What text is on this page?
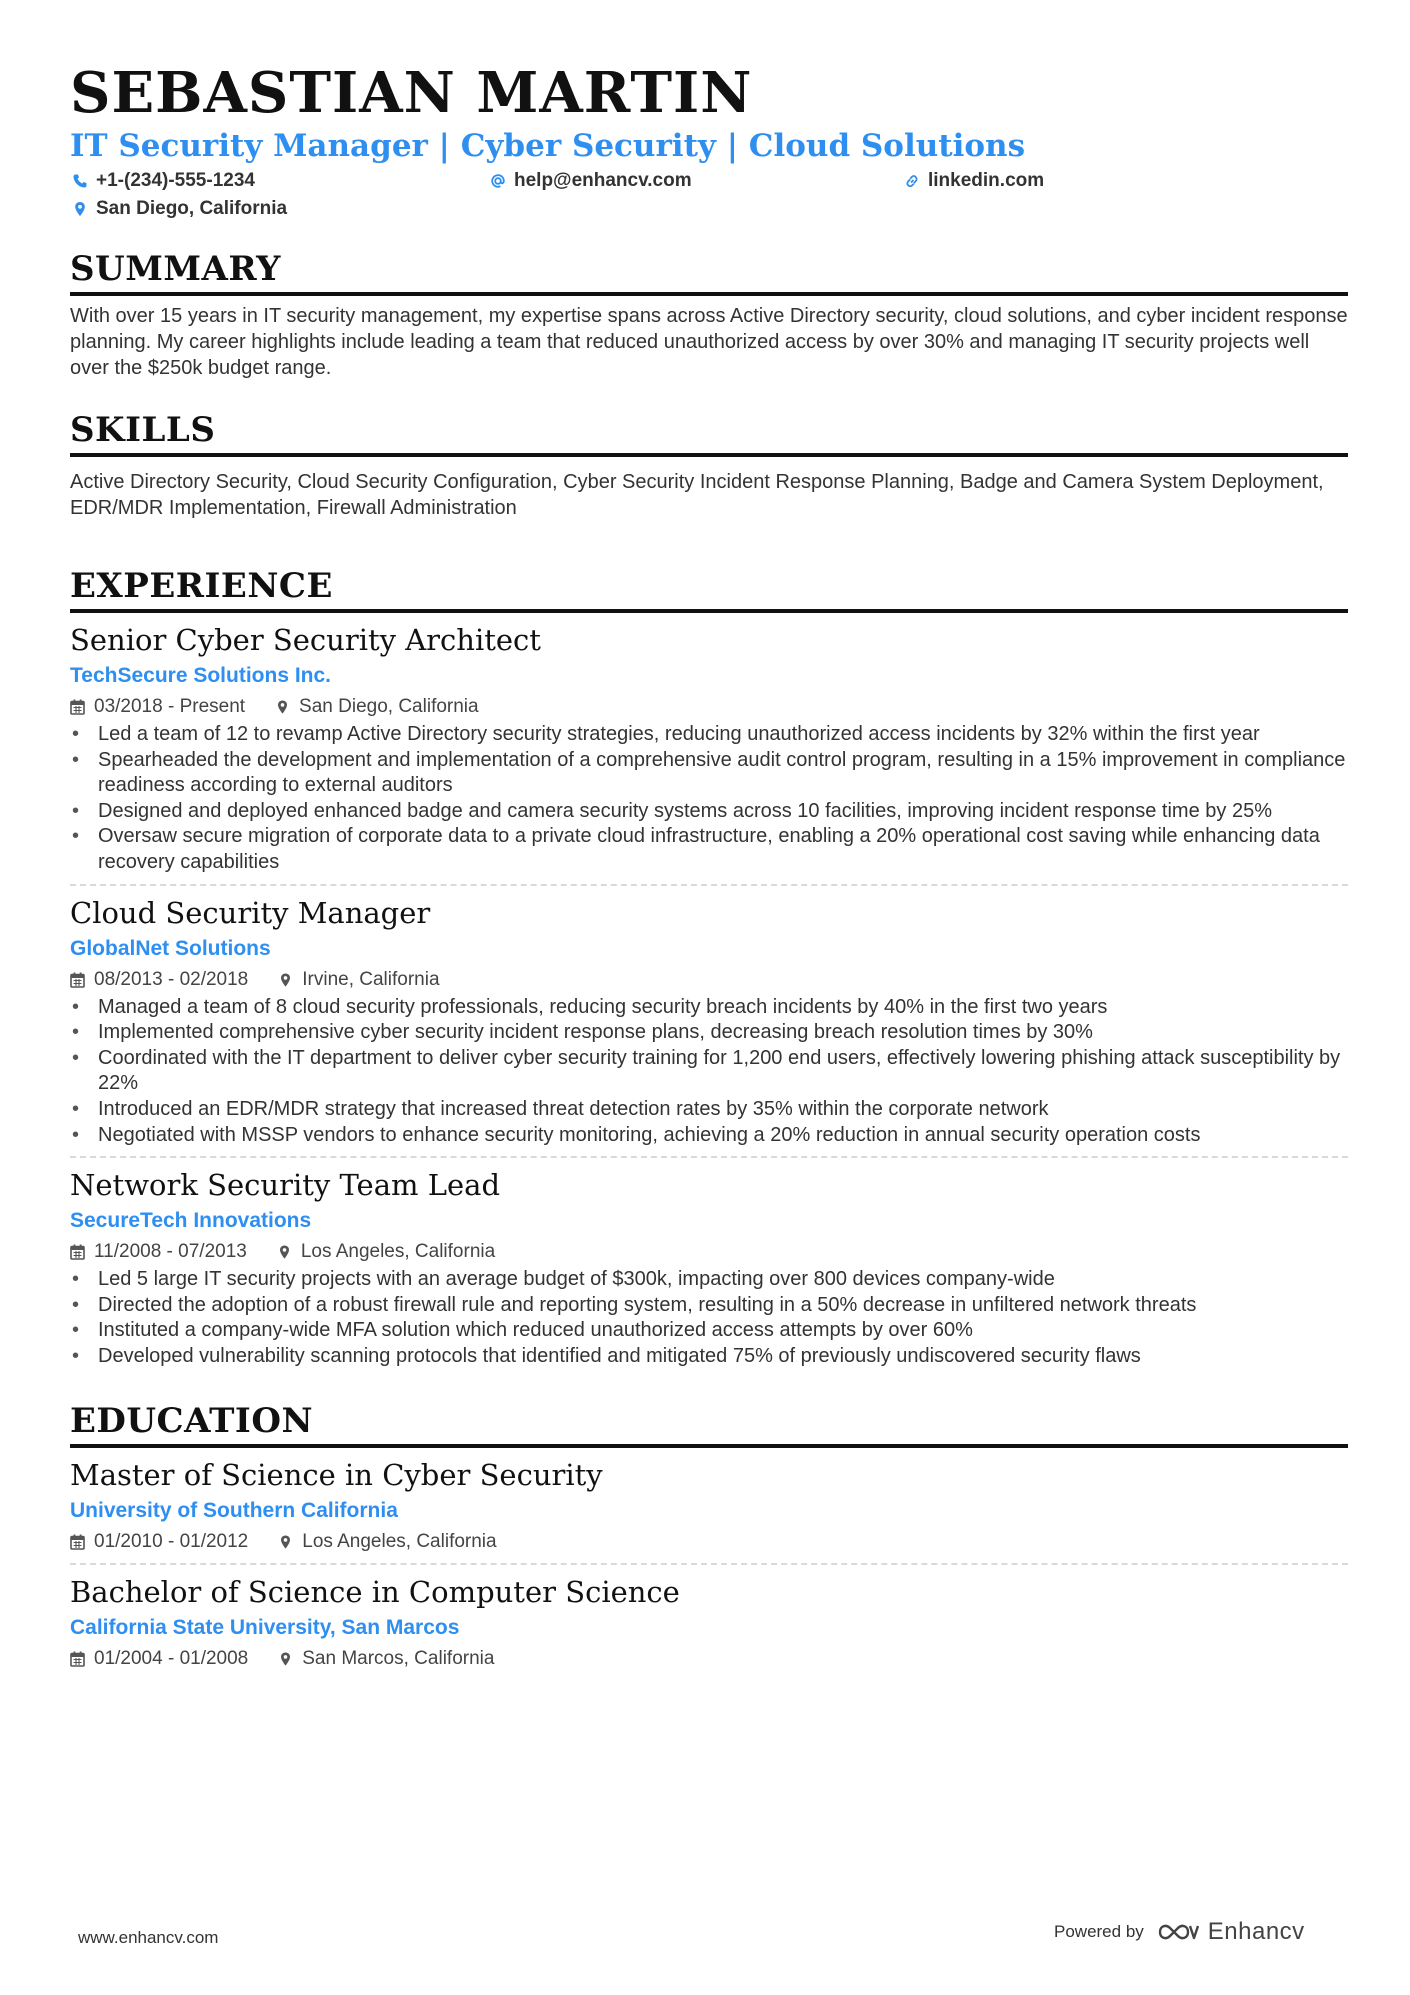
SEBASTIAN MARTIN
IT Security Manager | Cyber Security | Cloud Solutions
+1-(234)-555-1234	help@enhancv.com	linkedin.com
San Diego, California
SUMMARY
With over 15 years in IT security management, my expertise spans across Active Directory security, cloud solutions, and cyber incident response planning. My career highlights include leading a team that reduced unauthorized access by over 30% and managing IT security projects well over the $250k budget range.
SKILLS
Active Directory Security, Cloud Security Configuration, Cyber Security Incident Response Planning, Badge and Camera System Deployment, EDR/MDR Implementation, Firewall Administration
EXPERIENCE
Senior Cyber Security Architect
TechSecure Solutions Inc.
03/2018 - Present	San Diego, California
• Led a team of 12 to revamp Active Directory security strategies, reducing unauthorized access incidents by 32% within the first year
• Spearheaded the development and implementation of a comprehensive audit control program, resulting in a 15% improvement in compliance readiness according to external auditors
• Designed and deployed enhanced badge and camera security systems across 10 facilities, improving incident response time by 25%
• Oversaw secure migration of corporate data to a private cloud infrastructure, enabling a 20% operational cost saving while enhancing data recovery capabilities
Cloud Security Manager
GlobalNet Solutions
08/2013 - 02/2018	Irvine, California
• Managed a team of 8 cloud security professionals, reducing security breach incidents by 40% in the first two years
• Implemented comprehensive cyber security incident response plans, decreasing breach resolution times by 30%
• Coordinated with the IT department to deliver cyber security training for 1,200 end users, effectively lowering phishing attack susceptibility by 22%
• Introduced an EDR/MDR strategy that increased threat detection rates by 35% within the corporate network
• Negotiated with MSSP vendors to enhance security monitoring, achieving a 20% reduction in annual security operation costs
Network Security Team Lead
SecureTech Innovations
11/2008 - 07/2013	Los Angeles, California
• Led 5 large IT security projects with an average budget of $300k, impacting over 800 devices company-wide
• Directed the adoption of a robust firewall rule and reporting system, resulting in a 50% decrease in unfiltered network threats
• Instituted a company-wide MFA solution which reduced unauthorized access attempts by over 60%
• Developed vulnerability scanning protocols that identified and mitigated 75% of previously undiscovered security flaws
EDUCATION
Master of Science in Cyber Security
University of Southern California
01/2010 - 01/2012	Los Angeles, California
Bachelor of Science in Computer Science
California State University, San Marcos
01/2004 - 01/2008	San Marcos, California
www.enhancv.com	Powered by	Enhancv
